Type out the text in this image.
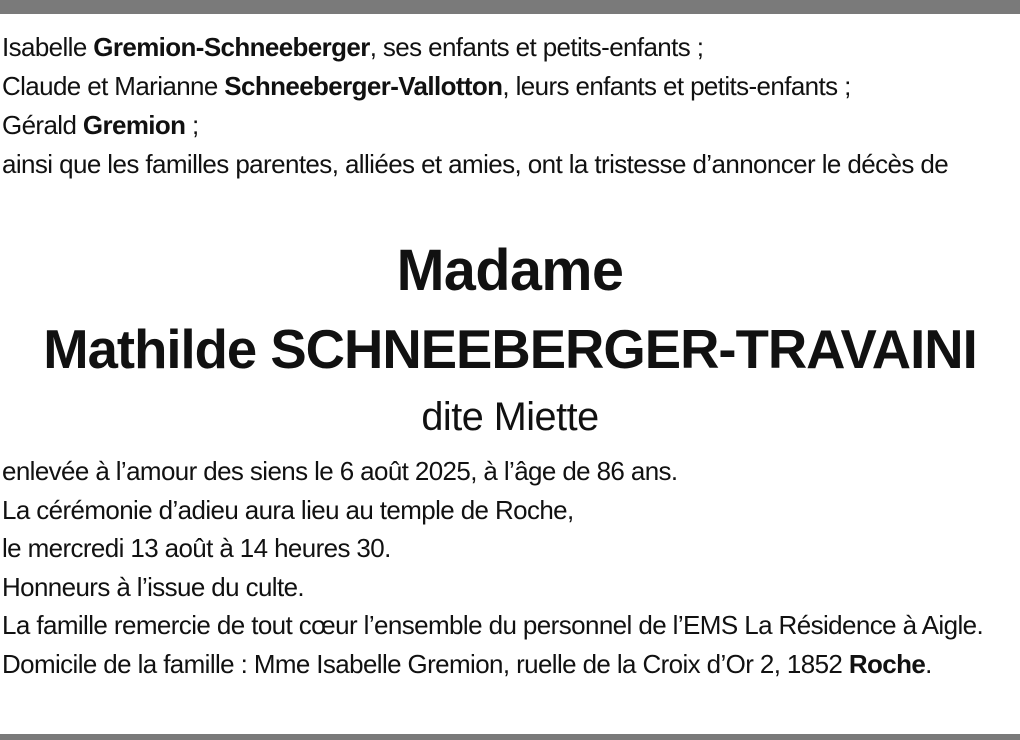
Isabelle Gremion-Schneeberger, ses enfants et petits-enfants ;

Claude et Marianne Schneeberger-Vallotton, leurs enfants et petits-enfants ;

Gérald Gremion ;

ainsi que les familles parentes, alliées et amies, ont la tristesse d’annoncer le décès de

Madame
Mathilde SCHNEEBERGER-TRAVAINI
dite Miette

enlevée à l’amour des siens le 6 août 2025, à l’âge de 86 ans.

La cérémonie d’adieu aura lieu au temple de Roche,

le mercredi 13 août à 14 heures 30.

Honneurs à l’issue du culte.

La famille remercie de tout cœur l’ensemble du personnel de l’EMS La Résidence à Aigle.

Domicile de la famille : Mme Isabelle Gremion, ruelle de la Croix d’Or 2, 1852 Roche.
